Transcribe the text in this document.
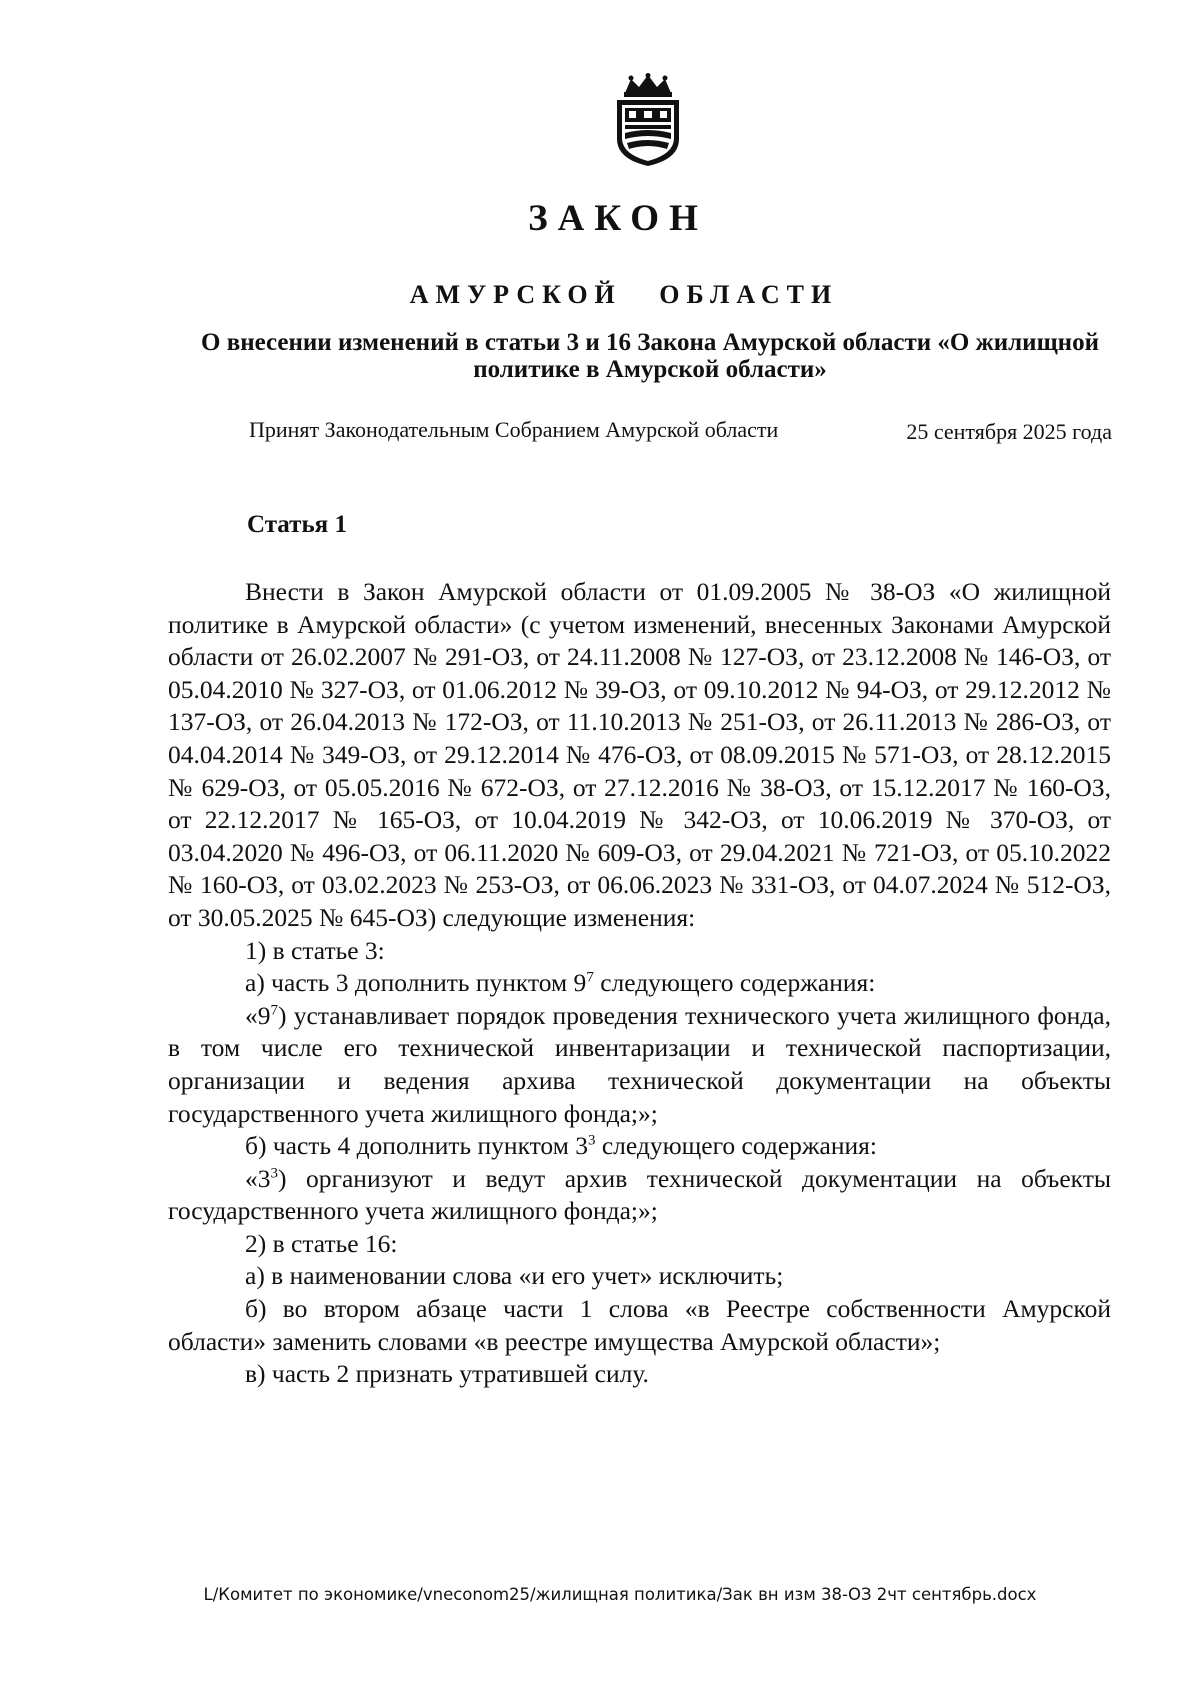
ЗАКОН
АМУРСКОЙ ОБЛАСТИ
О внесении изменений в статьи 3 и 16 Закона Амурской области «О жилищной политике в Амурской области»
Принят Законодательным Собранием Амурской области	25 сентября 2025 года
Статья 1

Внести в Закон Амурской области от 01.09.2005 № 38-ОЗ «О жилищной политике в Амурской области» (с учетом изменений, внесенных Законами Амурской области от 26.02.2007 № 291-ОЗ, от 24.11.2008 № 127-ОЗ, от 23.12.2008 № 146-ОЗ, от 05.04.2010 № 327-ОЗ, от 01.06.2012 № 39-ОЗ, от 09.10.2012 № 94-ОЗ, от 29.12.2012 № 137-ОЗ, от 26.04.2013 № 172-ОЗ, от 11.10.2013 № 251-ОЗ, от 26.11.2013 № 286-ОЗ, от 04.04.2014 № 349-ОЗ, от 29.12.2014 № 476-ОЗ, от 08.09.2015 № 571-ОЗ, от 28.12.2015 № 629-ОЗ, от 05.05.2016 № 672-ОЗ, от 27.12.2016 № 38-ОЗ, от 15.12.2017 № 160-ОЗ, от 22.12.2017 № 165-ОЗ, от 10.04.2019 № 342-ОЗ, от 10.06.2019 № 370-ОЗ, от 03.04.2020 № 496-ОЗ, от 06.11.2020 № 609-ОЗ, от 29.04.2021 № 721-ОЗ, от 05.10.2022 № 160-ОЗ, от 03.02.2023 № 253-ОЗ, от 06.06.2023 № 331-ОЗ, от 04.07.2024 № 512-ОЗ, от 30.05.2025 № 645-ОЗ) следующие изменения:

1) в статье 3:

а) часть 3 дополнить пунктом $9^7$ следующего содержания:

«$9^7$) устанавливает порядок проведения технического учета жилищного фонда, в том числе его технической инвентаризации и технической паспортизации, организации и ведения архива технической документации на объекты государственного учета жилищного фонда;»;

б) часть 4 дополнить пунктом $3^3$ следующего содержания:

«$3^3$) организуют и ведут архив технической документации на объекты государственного учета жилищного фонда;»;

2) в статье 16:

а) в наименовании слова «и его учет» исключить;

б) во втором абзаце части 1 слова «в Реестре собственности Амурской области» заменить словами «в реестре имущества Амурской области»;

в) часть 2 признать утратившей силу.

L/Комитет по экономике/vneconom25/жилищная политика/Зак вн изм 38-ОЗ 2чт сентябрь.docx
